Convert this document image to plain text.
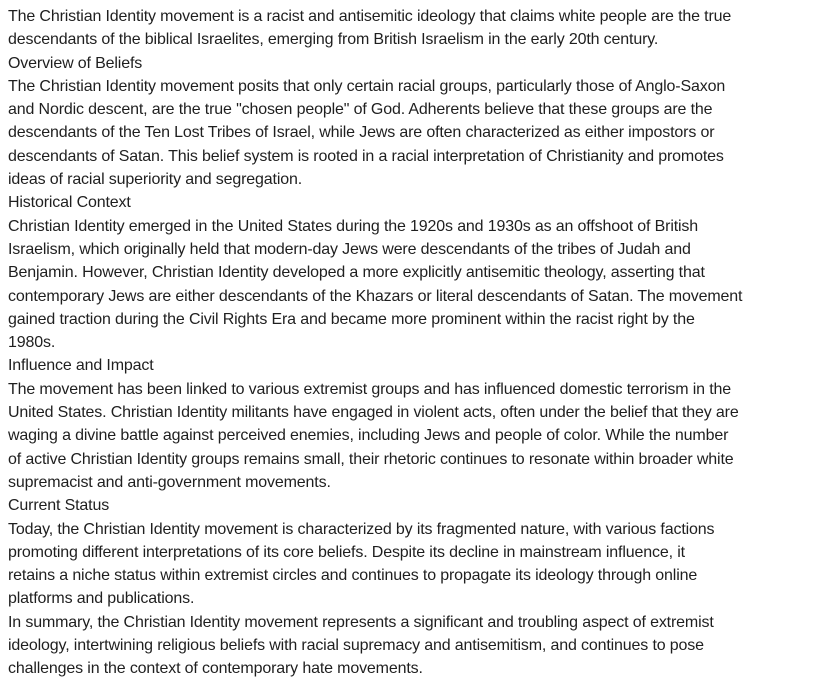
The Christian Identity movement is a racist and antisemitic ideology that claims white people are the true
descendants of the biblical Israelites, emerging from British Israelism in the early 20th century.
Overview of Beliefs
The Christian Identity movement posits that only certain racial groups, particularly those of Anglo-Saxon
and Nordic descent, are the true "chosen people" of God. Adherents believe that these groups are the
descendants of the Ten Lost Tribes of Israel, while Jews are often characterized as either impostors or
descendants of Satan. This belief system is rooted in a racial interpretation of Christianity and promotes
ideas of racial superiority and segregation.
Historical Context
Christian Identity emerged in the United States during the 1920s and 1930s as an offshoot of British
Israelism, which originally held that modern-day Jews were descendants of the tribes of Judah and
Benjamin. However, Christian Identity developed a more explicitly antisemitic theology, asserting that
contemporary Jews are either descendants of the Khazars or literal descendants of Satan. The movement
gained traction during the Civil Rights Era and became more prominent within the racist right by the
1980s.
Influence and Impact
The movement has been linked to various extremist groups and has influenced domestic terrorism in the
United States. Christian Identity militants have engaged in violent acts, often under the belief that they are
waging a divine battle against perceived enemies, including Jews and people of color. While the number
of active Christian Identity groups remains small, their rhetoric continues to resonate within broader white
supremacist and anti-government movements.
Current Status
Today, the Christian Identity movement is characterized by its fragmented nature, with various factions
promoting different interpretations of its core beliefs. Despite its decline in mainstream influence, it
retains a niche status within extremist circles and continues to propagate its ideology through online
platforms and publications.
In summary, the Christian Identity movement represents a significant and troubling aspect of extremist
ideology, intertwining religious beliefs with racial supremacy and antisemitism, and continues to pose
challenges in the context of contemporary hate movements.
